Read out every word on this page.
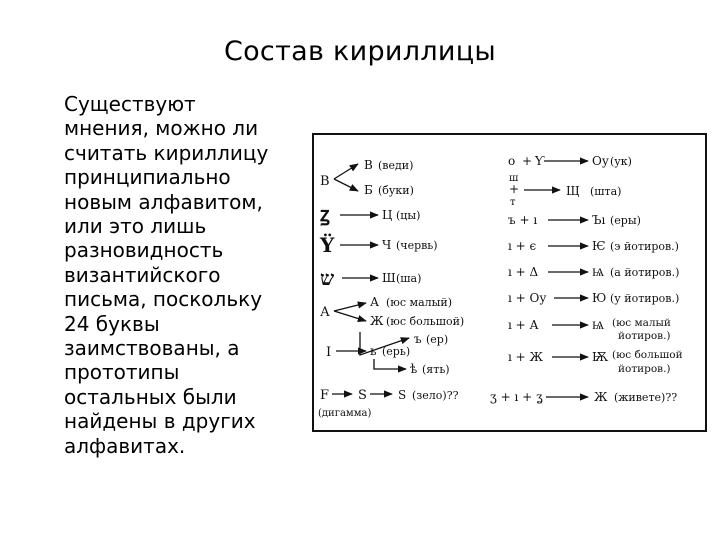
Состав кириллицы
Существуют
мнения, можно ли
считать кириллицу
принципиально
новым алфавитом,
или это лишь
разновидность
византийского
письма, поскольку
24 буквы
заимствованы, а
прототипы
остальных были
найдены в других
алфавитах.
В
В (веди)
Б (буки)
ꙁ	Ц (цы)
Ϋ	Ч (червь)
ש	Ш (ша)
А
А (юс малый)
Ж (юс большой)
ъ (ер)
I	ь (ерь)
ѣ (ять)
F S	S (зело)??
(дигамма)
о + Ƴ	Оу (ук)
ш
+
т
Щ (шта)
ъ + ı	Ъı (еры)
ı + є	Ѥ (э йотиров.)
ı + Δ	Ѩ (а йотиров.)
ı + Оу	Ю (у йотиров.)
ı + А	Ѩ (юс малый
йотиров.)
ı + Ж	Ѭ (юс большой
йотиров.)
ʒ + ı + ʓ	Ж (живете)??
